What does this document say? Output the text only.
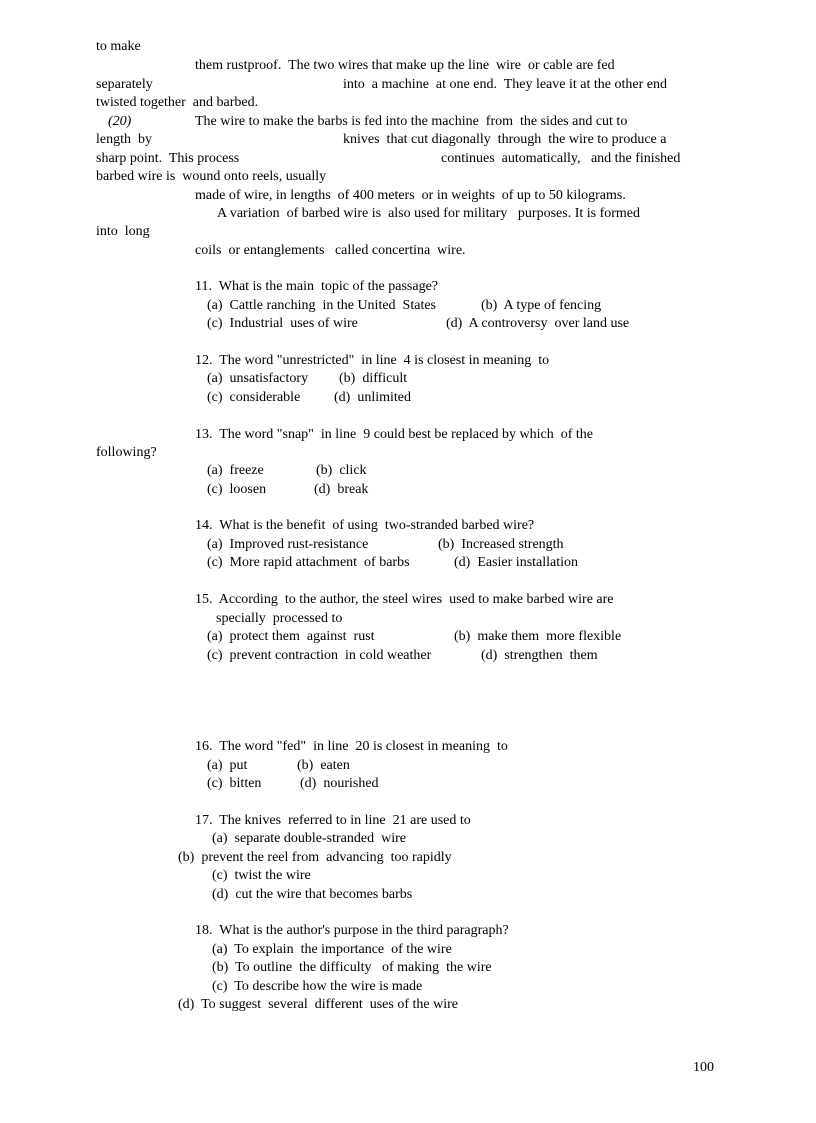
to make
them rustproof.  The two wires that make up the line  wire  or cable are fed
separately	into  a machine  at one end.  They leave it at the other end
twisted together  and barbed.
(20)	The wire to make the barbs is fed into the machine  from  the sides and cut to
length  by	knives  that cut diagonally  through  the wire to produce a
sharp point.  This process	continues  automatically,   and the finished
barbed wire is  wound onto reels, usually
made of wire, in lengths  of 400 meters  or in weights  of up to 50 kilograms.
A variation  of barbed wire is  also used for military   purposes. It is formed
into  long
coils  or entanglements   called concertina  wire.
11.  What is the main  topic of the passage?
(a)  Cattle ranching  in the United  States	(b)  A type of fencing
(c)  Industrial  uses of wire	(d)  A controversy  over land use
12.  The word "unrestricted"  in line  4 is closest in meaning  to
(a)  unsatisfactory (b)  difficult
(c)  considerable (d)  unlimited
13.  The word "snap"  in line  9 could best be replaced by which  of the
following?
(a)  freeze	(b)  click
(c)  loosen	(d)  break
14.  What is the benefit  of using  two-stranded barbed wire?
(a)  Improved rust-resistance	(b)  Increased strength
(c)  More rapid attachment  of barbs	(d)  Easier installation
15.  According  to the author, the steel wires  used to make barbed wire are
specially  processed to
(a)  protect them  against  rust	(b)  make them  more flexible
(c)  prevent contraction  in cold weather	(d)  strengthen  them
16.  The word "fed"  in line  20 is closest in meaning  to
(a)  put	(b)  eaten
(c)  bitten	(d)  nourished
17.  The knives  referred to in line  21 are used to
(a)  separate double-stranded  wire
(b)  prevent the reel from  advancing  too rapidly
(c)  twist the wire
(d)  cut the wire that becomes barbs
18.  What is the author's purpose in the third paragraph?
(a)  To explain  the importance  of the wire
(b)  To outline  the difficulty   of making  the wire
(c)  To describe how the wire is made
(d)  To suggest  several  different  uses of the wire
100
